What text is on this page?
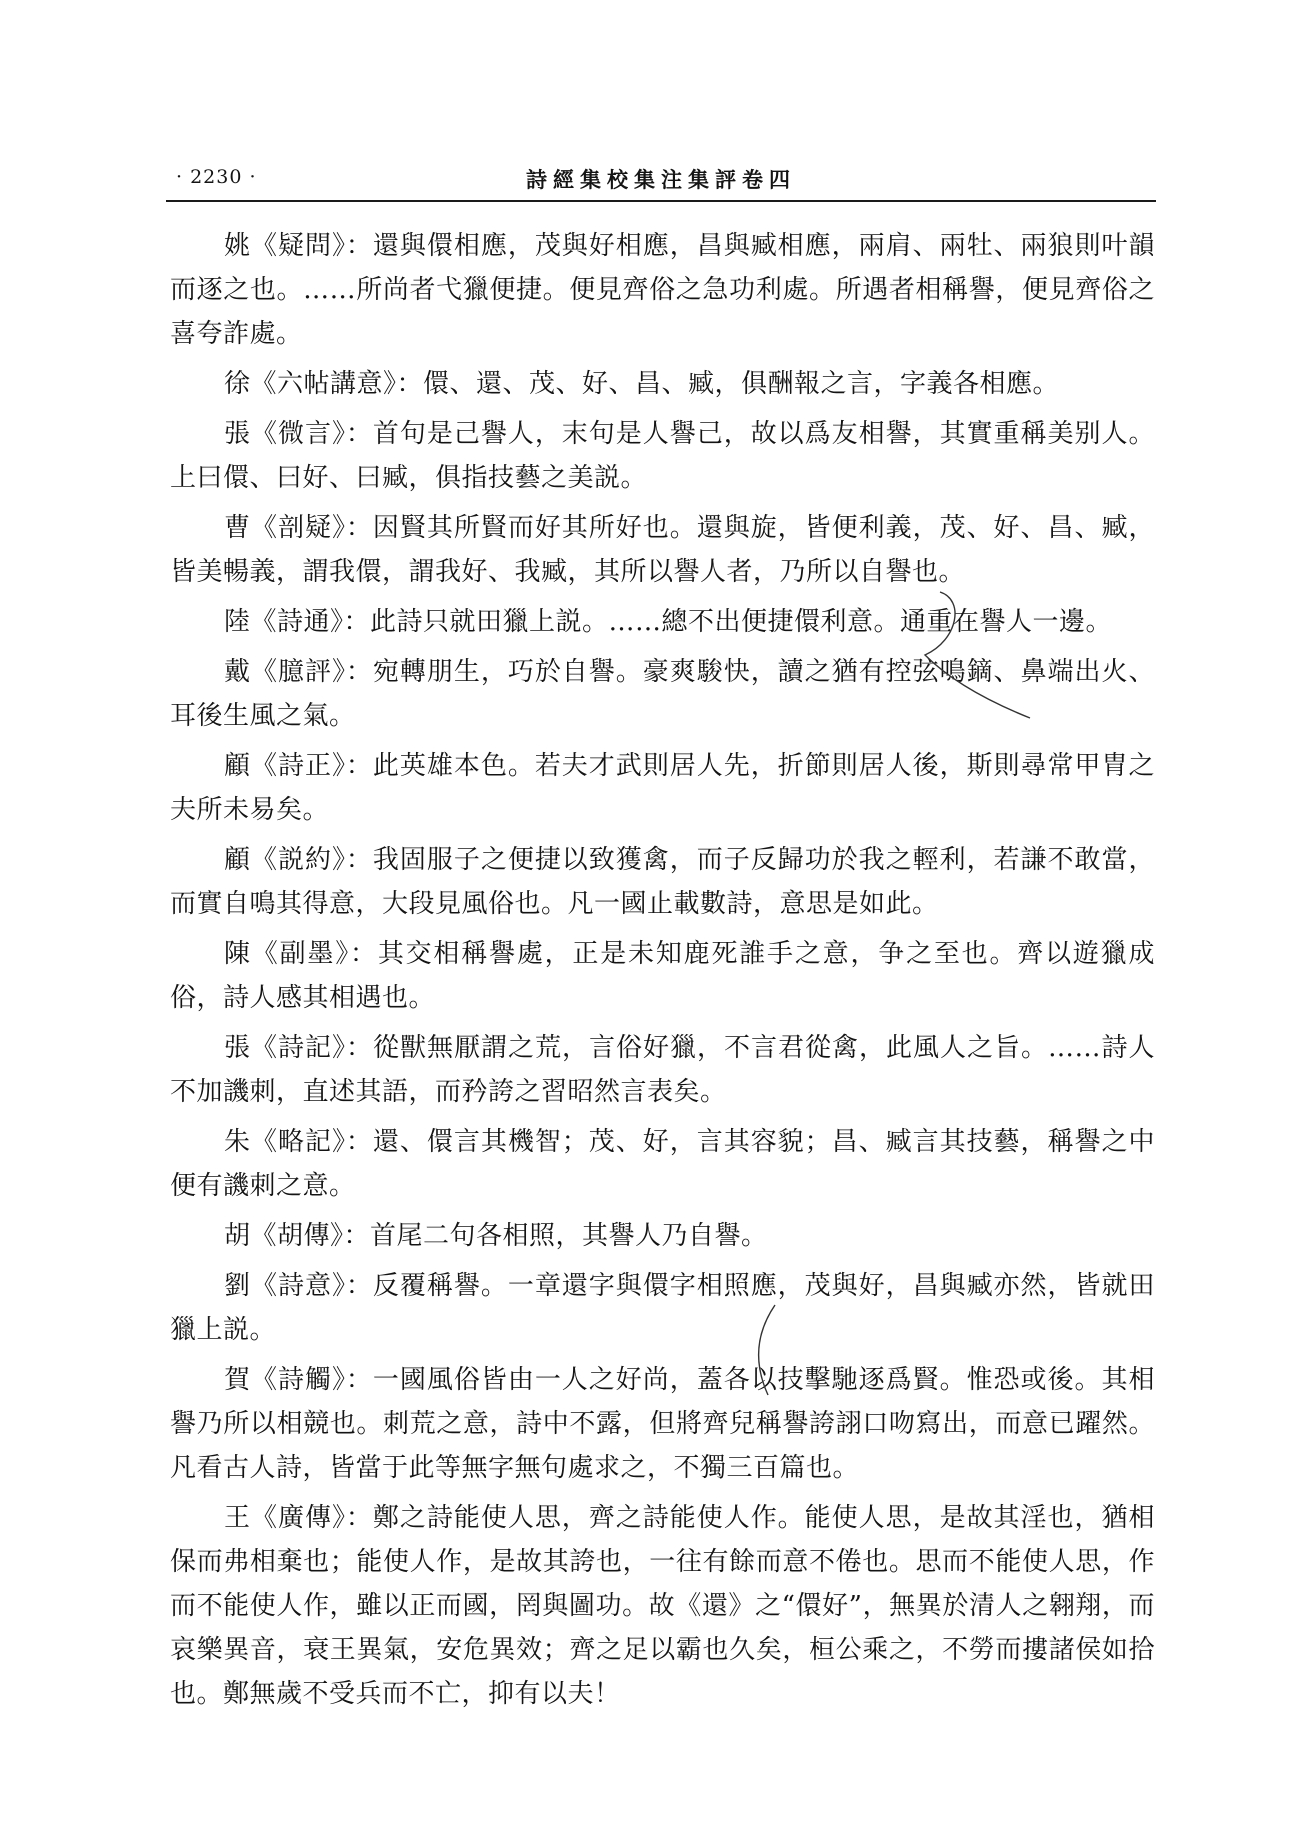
· 2230 ·	詩經集校集注集評卷四

姚《疑問》：還與儇相應，茂與好相應，昌與臧相應，兩肩、兩牡、兩狼則叶韻而逐之也。……所尚者弋獵便捷。便見齊俗之急功利處。所遇者相稱譽，便見齊俗之喜夸詐處。

徐《六帖講意》：儇、還、茂、好、昌、臧，俱酬報之言，字義各相應。

張《微言》：首句是己譽人，末句是人譽己，故以爲友相譽，其實重稱美别人。上曰儇、曰好、曰臧，俱指技藝之美説。

曹《剖疑》：因賢其所賢而好其所好也。還與旋，皆便利義，茂、好、昌、臧，皆美暢義，謂我儇，謂我好、我臧，其所以譽人者，乃所以自譽也。

陸《詩通》：此詩只就田獵上説。……總不出便捷儇利意。通重在譽人一邊。

戴《臆評》：宛轉朋生，巧於自譽。豪爽駿快，讀之猶有控弦鳴鏑、鼻端出火、耳後生風之氣。

顧《詩正》：此英雄本色。若夫才武則居人先，折節則居人後，斯則尋常甲胄之夫所未易矣。

顧《説約》：我固服子之便捷以致獲禽，而子反歸功於我之輕利，若謙不敢當，而實自鳴其得意，大段見風俗也。凡一國止載數詩，意思是如此。

陳《副墨》：其交相稱譽處，正是未知鹿死誰手之意，争之至也。齊以遊獵成俗，詩人感其相遇也。

張《詩記》：從獸無厭謂之荒，言俗好獵，不言君從禽，此風人之旨。……詩人不加譏刺，直述其語，而矜誇之習昭然言表矣。

朱《略記》：還、儇言其機智；茂、好，言其容貌；昌、臧言其技藝，稱譽之中便有譏刺之意。

胡《胡傳》：首尾二句各相照，其譽人乃自譽。

劉《詩意》：反覆稱譽。一章還字與儇字相照應，茂與好，昌與臧亦然，皆就田獵上説。

賀《詩觸》：一國風俗皆由一人之好尚，蓋各以技擊馳逐爲賢。惟恐或後。其相譽乃所以相競也。刺荒之意，詩中不露，但將齊兒稱譽誇詡口吻寫出，而意已躍然。凡看古人詩，皆當于此等無字無句處求之，不獨三百篇也。

王《廣傳》：鄭之詩能使人思，齊之詩能使人作。能使人思，是故其淫也，猶相保而弗相棄也；能使人作，是故其誇也，一往有餘而意不倦也。思而不能使人思，作而不能使人作，雖以正而國，罔與圖功。故《還》之“儇好”，無異於清人之翱翔，而哀樂異音，衰王異氣，安危異效；齊之足以霸也久矣，桓公乘之，不勞而摟諸侯如拾也。鄭無歲不受兵而不亡，抑有以夫！
